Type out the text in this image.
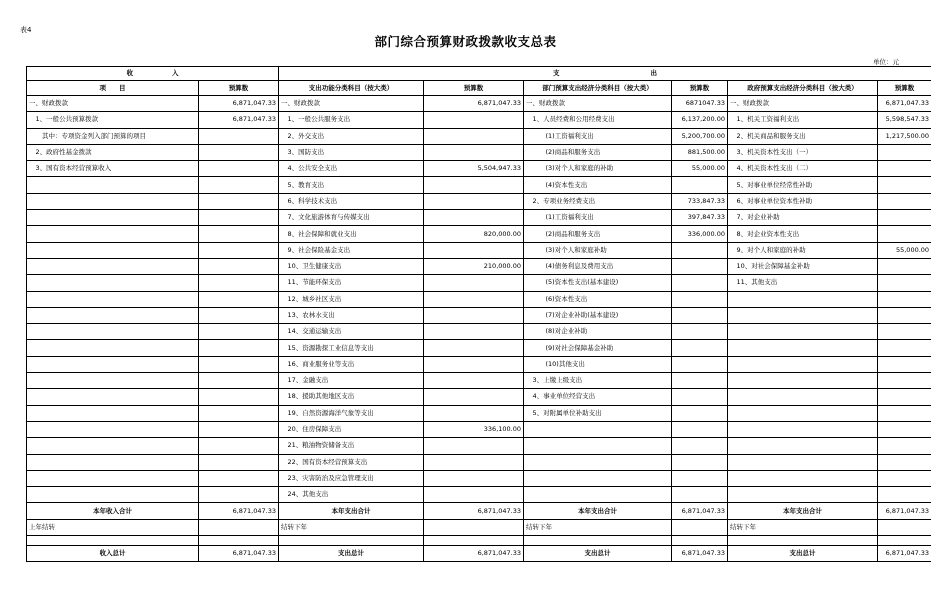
表4
部门综合预算财政拨款收支总表
单位：元
收　　　　　　入		支　　　　　　　　　　　　　　出					
项　　目	预算数	支出功能分类科目（按大类）	预算数	部门预算支出经济分类科目（按大类）	预算数	政府预算支出经济分类科目（按大类）	预算数
一、财政拨款	6,871,047.33	一、财政拨款	6,871,047.33	一、财政拨款	6871047.33	一、财政拨款	6,871,047.33
　1、一般公共预算拨款	6,871,047.33	　1、一般公共服务支出		　1、人员经费和公用经费支出	6,137,200.00	　1、机关工资福利支出	5,598,547.33
　　其中：专项资金列入部门预算的项目		　2、外交支出		　　　(1)工资福利支出	5,200,700.00	　2、机关商品和服务支出	1,217,500.00
　2、政府性基金拨款		　3、国防支出		　　　(2)商品和服务支出	881,500.00	　3、机关资本性支出（一）	
　3、国有资本经营预算收入		　4、公共安全支出	5,504,947.33	　　　(3)对个人和家庭的补助	55,000.00	　4、机关资本性支出（二）	
		　5、教育支出		　　　(4)资本性支出		　5、对事业单位经常性补助	
		　6、科学技术支出		　2、专项业务经费支出	733,847.33	　6、对事业单位资本性补助	
		　7、文化旅游体育与传媒支出		　　　(1)工资福利支出	397,847.33	　7、对企业补助	
		　8、社会保障和就业支出	820,000.00	　　　(2)商品和服务支出	336,000.00	　8、对企业资本性支出	
		　9、社会保险基金支出		　　　(3)对个人和家庭补助		　9、对个人和家庭的补助	55,000.00
		　10、卫生健康支出	210,000.00	　　　(4)债务利息及费用支出		　10、对社会保障基金补助	
		　11、节能环保支出		　　　(5)资本性支出(基本建设)		　11、其他支出	
		　12、城乡社区支出		　　　(6)资本性支出			
		　13、农林水支出		　　　(7)对企业补助(基本建设)			
		　14、交通运输支出		　　　(8)对企业补助			
		　15、资源勘探工业信息等支出		　　　(9)对社会保障基金补助			
		　16、商业服务业等支出		　　　(10)其他支出			
		　17、金融支出		　3、上缴上级支出			
		　18、援助其他地区支出		　4、事业单位经营支出			
		　19、自然资源海洋气象等支出		　5、对附属单位补助支出			
		　20、住房保障支出	336,100.00				
		　21、粮油物资储备支出					
		　22、国有资本经营预算支出					
		　23、灾害防治及应急管理支出					
		　24、其他支出					
本年收入合计	6,871,047.33	本年支出合计	6,871,047.33	本年支出合计	6,871,047.33	本年支出合计	6,871,047.33
上年结转		结转下年		结转下年		结转下年	

收入总计	6,871,047.33	支出总计	6,871,047.33	支出总计	6,871,047.33	支出总计	6,871,047.33
